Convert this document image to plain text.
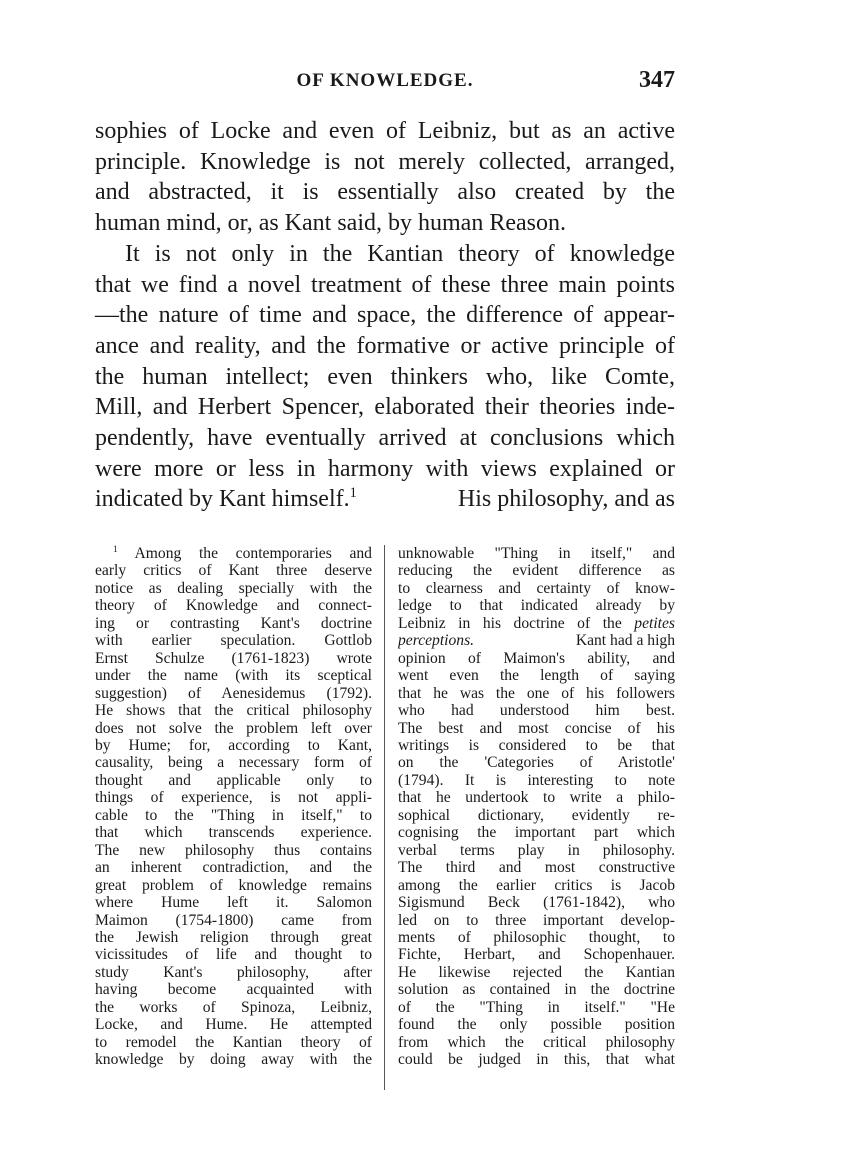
OF KNOWLEDGE.	347

sophies of Locke and even of Leibniz, but as an active
principle. Knowledge is not merely collected, arranged,
and abstracted, it is essentially also created by the
human mind, or, as Kant said, by human Reason.

It is not only in the Kantian theory of knowledge
that we find a novel treatment of these three main points
—the nature of time and space, the difference of appear-
ance and reality, and the formative or active principle of
the human intellect; even thinkers who, like Comte,
Mill, and Herbert Spencer, elaborated their theories inde-
pendently, have eventually arrived at conclusions which
were more or less in harmony with views explained or
indicated by Kant himself.$^1$	His philosophy, and as

$^1$ Among the contemporaries and
early critics of Kant three deserve
notice as dealing specially with the
theory of Knowledge and connect-
ing or contrasting Kant's doctrine
with earlier speculation. Gottlob
Ernst Schulze (1761-1823) wrote
under the name (with its sceptical
suggestion) of Aenesidemus (1792).
He shows that the critical philosophy
does not solve the problem left over
by Hume; for, according to Kant,
causality, being a necessary form of
thought and applicable only to
things of experience, is not appli-
cable to the "Thing in itself," to
that which transcends experience.
The new philosophy thus contains
an inherent contradiction, and the
great problem of knowledge remains
where Hume left it. Salomon
Maimon (1754-1800) came from
the Jewish religion through great
vicissitudes of life and thought to
study Kant's philosophy, after
having become acquainted with
the works of Spinoza, Leibniz,
Locke, and Hume. He attempted
to remodel the Kantian theory of
knowledge by doing away with the
unknowable "Thing in itself," and
reducing the evident difference as
to clearness and certainty of know-
ledge to that indicated already by
Leibniz in his doctrine of the petites
perceptions.	Kant had a high
opinion of Maimon's ability, and
went even the length of saying
that he was the one of his followers
who had understood him best.
The best and most concise of his
writings is considered to be that
on the 'Categories of Aristotle'
(1794). It is interesting to note
that he undertook to write a philo-
sophical dictionary, evidently re-
cognising the important part which
verbal terms play in philosophy.
The third and most constructive
among the earlier critics is Jacob
Sigismund Beck (1761-1842), who
led on to three important develop-
ments of philosophic thought, to
Fichte, Herbart, and Schopenhauer.
He likewise rejected the Kantian
solution as contained in the doctrine
of the "Thing in itself." "He
found the only possible position
from which the critical philosophy
could be judged in this, that what
